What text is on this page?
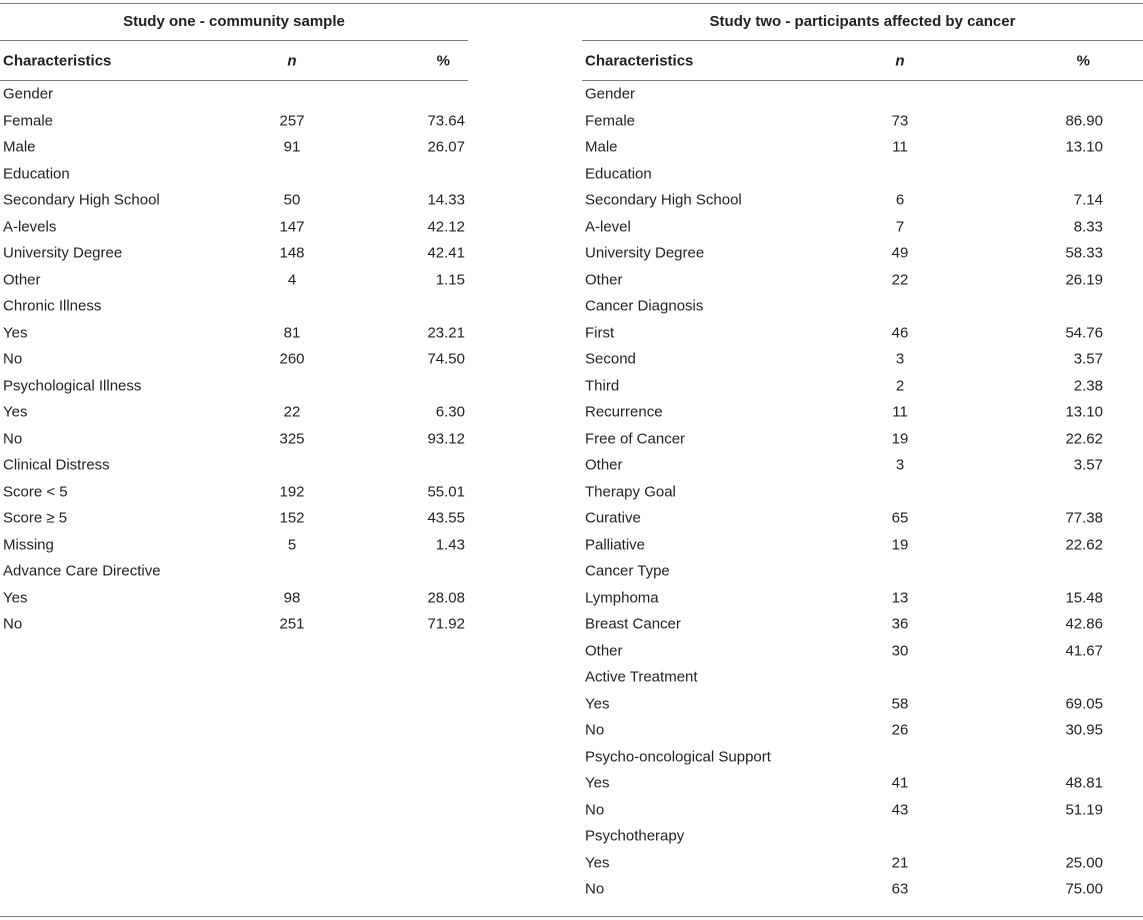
Study one - community sample
Characteristics	n	%
Gender
Female	257	73.64
Male	91	26.07
Education
Secondary High School	50	14.33
A-levels	147	42.12
University Degree	148	42.41
Other	4	1.15
Chronic Illness
Yes	81	23.21
No	260	74.50
Psychological Illness
Yes	22	6.30
No	325	93.12
Clinical Distress
Score < 5	192	55.01
Score ≥ 5	152	43.55
Missing	5	1.43
Advance Care Directive
Yes	98	28.08
No	251	71.92
Study two - participants affected by cancer
Characteristics	n	%
Gender
Female	73	86.90
Male	11	13.10
Education
Secondary High School	6	7.14
A-level	7	8.33
University Degree	49	58.33
Other	22	26.19
Cancer Diagnosis
First	46	54.76
Second	3	3.57
Third	2	2.38
Recurrence	11	13.10
Free of Cancer	19	22.62
Other	3	3.57
Therapy Goal
Curative	65	77.38
Palliative	19	22.62
Cancer Type
Lymphoma	13	15.48
Breast Cancer	36	42.86
Other	30	41.67
Active Treatment
Yes	58	69.05
No	26	30.95
Psycho-oncological Support
Yes	41	48.81
No	43	51.19
Psychotherapy
Yes	21	25.00
No	63	75.00
